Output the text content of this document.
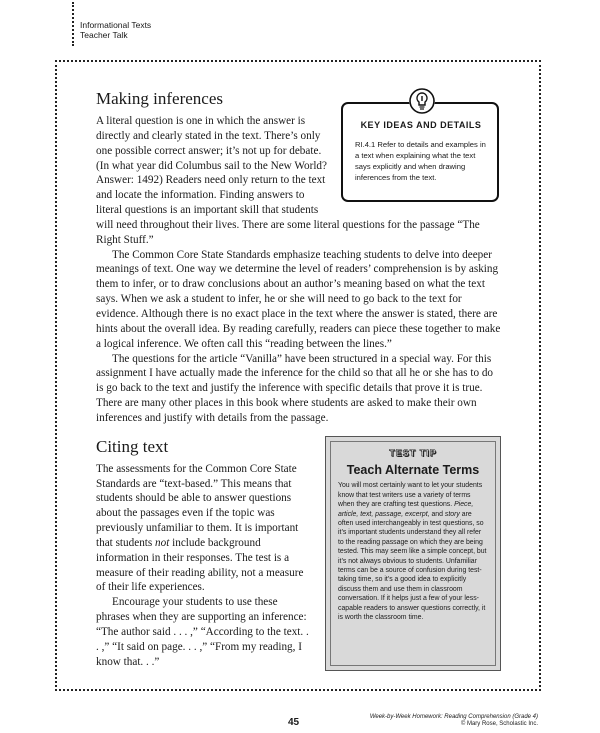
Informational Texts
Teacher Talk
KEY IDEAS AND DETAILS
RI.4.1 Refer to details and examples in a text when explaining what the text says explicitly and when drawing inferences from the text.
Making inferences

A literal question is one in which the answer is directly and clearly stated in the text. There’s only one possible correct answer; it’s not up for debate. (In what year did Columbus sail to the New World? Answer: 1492) Readers need only return to the text and locate the information. Finding answers to literal questions is an important skill that students will need throughout their lives. There are some literal questions for the passage “The Right Stuff.”

The Common Core State Standards emphasize teaching students to delve into deeper meanings of text. One way we determine the level of readers’ comprehension is by asking them to infer, or to draw conclusions about an author’s meaning based on what the text says. When we ask a student to infer, he or she will need to go back to the text for evidence. Although there is no exact place in the text where the answer is stated, there are hints about the overall idea. By reading carefully, readers can piece these together to make a logical inference. We often call this “reading between the lines.”

The questions for the article “Vanilla” have been structured in a special way. For this assignment I have actually made the inference for the child so that all he or she has to do is go back to the text and justify the inference with specific details that prove it is true. There are many other places in this book where students are asked to make their own inferences and justify with details from the passage.

TEST TIP
Teach Alternate Terms
You will most certainly want to let your students know that test writers use a variety of terms when they are crafting test questions. Piece, article, text, passage, excerpt, and story are often used interchangeably in test questions, so it’s important students understand they all refer to the reading passage on which they are being tested. This may seem like a simple concept, but it’s not always obvious to students. Unfamiliar terms can be a source of confusion during test-taking time, so it’s a good idea to explicitly discuss them and use them in classroom conversation. If it helps just a few of your less-capable readers to answer questions correctly, it is worth the classroom time.
Citing text

The assessments for the Common Core State Standards are “text-based.” This means that students should be able to answer questions about the passages even if the topic was previously unfamiliar to them. It is important that students not include background information in their responses. The test is a measure of their reading ability, not a measure of their life experiences.

Encourage your students to use these phrases when they are supporting an inference: “The author said . . . ,” “According to the text. . . ,” “It said on page. . . ,” “From my reading, I know that. . .”

45	Week-by-Week Homework: Reading Comprehension (Grade 4)
© Mary Rose, Scholastic Inc.
